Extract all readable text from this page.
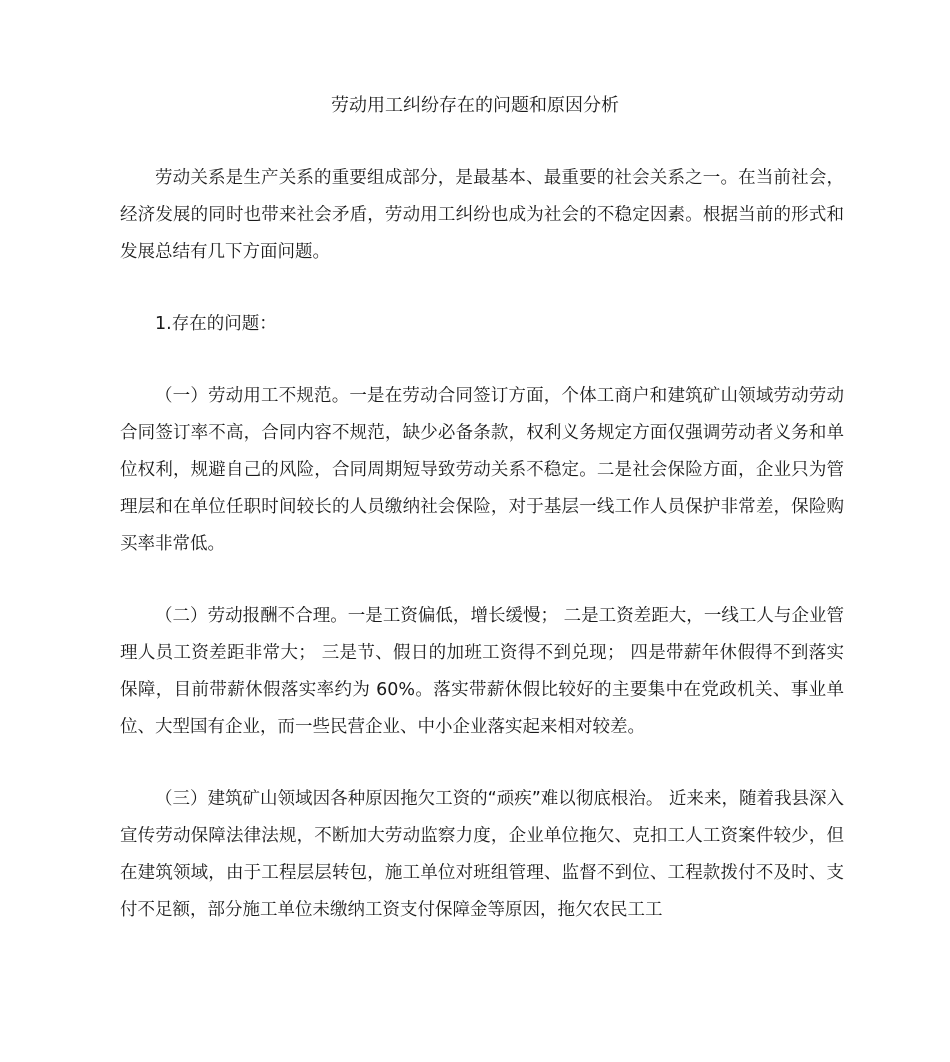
劳动用工纠纷存在的问题和原因分析

劳动关系是生产关系的重要组成部分，是最基本、最重要的社会关系之一。在当前社会，经济发展的同时也带来社会矛盾，劳动用工纠纷也成为社会的不稳定因素。根据当前的形式和发展总结有几下方面问题。

1.存在的问题：

（一）劳动用工不规范。一是在劳动合同签订方面，个体工商户和建筑矿山领域劳动劳动合同签订率不高，合同内容不规范，缺少必备条款，权利义务规定方面仅强调劳动者义务和单位权利，规避自己的风险，合同周期短导致劳动关系不稳定。二是社会保险方面，企业只为管理层和在单位任职时间较长的人员缴纳社会保险，对于基层一线工作人员保护非常差，保险购买率非常低。

（二）劳动报酬不合理。一是工资偏低，增长缓慢； 二是工资差距大，一线工人与企业管理人员工资差距非常大； 三是节、假日的加班工资得不到兑现； 四是带薪年休假得不到落实保障，目前带薪休假落实率约为 60%。落实带薪休假比较好的主要集中在党政机关、事业单位、大型国有企业，而一些民营企业、中小企业落实起来相对较差。

（三）建筑矿山领域因各种原因拖欠工资的“顽疾”难以彻底根治。 近来来，随着我县深入宣传劳动保障法律法规，不断加大劳动监察力度，企业单位拖欠、克扣工人工资案件较少，但在建筑领域，由于工程层层转包，施工单位对班组管理、监督不到位、工程款拨付不及时、支付不足额，部分施工单位未缴纳工资支付保障金等原因，拖欠农民工工
